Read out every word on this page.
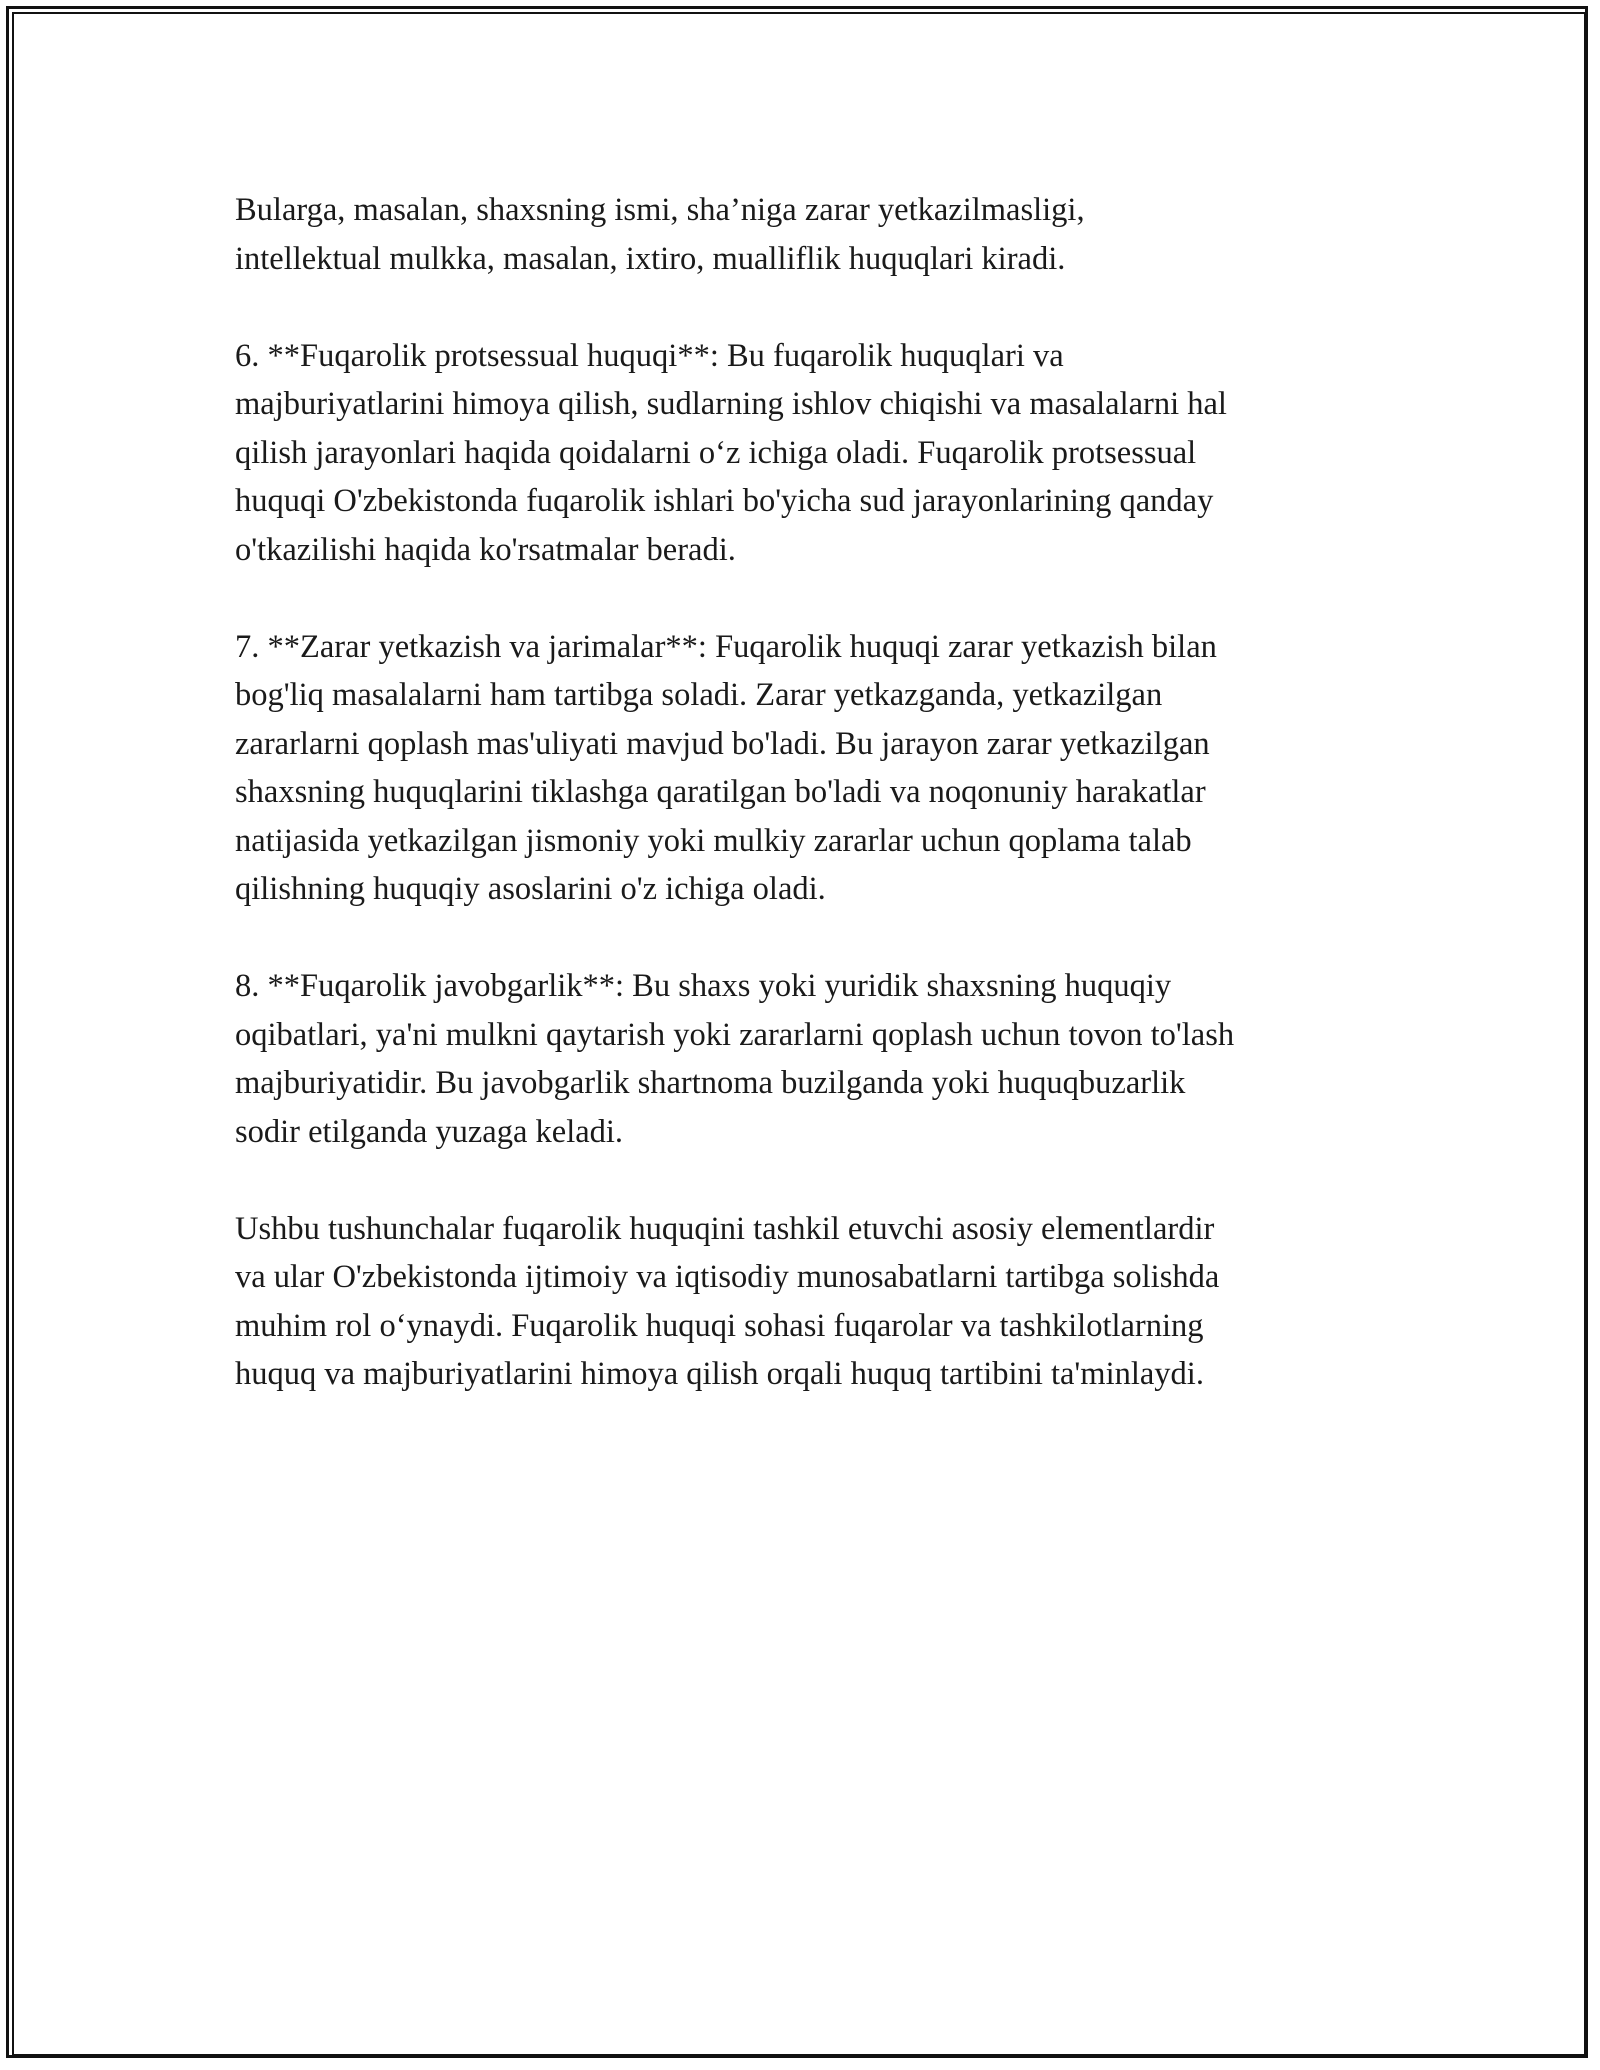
Bularga, masalan, shaxsning ismi, sha’niga zarar yetkazilmasligi,
intellektual mulkka, masalan, ixtiro, mualliflik huquqlari kiradi.

6. **Fuqarolik protsessual huquqi**: Bu fuqarolik huquqlari va
majburiyatlarini himoya qilish, sudlarning ishlov chiqishi va masalalarni hal
qilish jarayonlari haqida qoidalarni o‘z ichiga oladi. Fuqarolik protsessual
huquqi O'zbekistonda fuqarolik ishlari bo'yicha sud jarayonlarining qanday
o'tkazilishi haqida ko'rsatmalar beradi.

7. **Zarar yetkazish va jarimalar**: Fuqarolik huquqi zarar yetkazish bilan
bog'liq masalalarni ham tartibga soladi. Zarar yetkazganda, yetkazilgan
zararlarni qoplash mas'uliyati mavjud bo'ladi. Bu jarayon zarar yetkazilgan
shaxsning huquqlarini tiklashga qaratilgan bo'ladi va noqonuniy harakatlar
natijasida yetkazilgan jismoniy yoki mulkiy zararlar uchun qoplama talab
qilishning huquqiy asoslarini o'z ichiga oladi.

8. **Fuqarolik javobgarlik**: Bu shaxs yoki yuridik shaxsning huquqiy
oqibatlari, ya'ni mulkni qaytarish yoki zararlarni qoplash uchun tovon to'lash
majburiyatidir. Bu javobgarlik shartnoma buzilganda yoki huquqbuzarlik
sodir etilganda yuzaga keladi.

Ushbu tushunchalar fuqarolik huquqini tashkil etuvchi asosiy elementlardir
va ular O'zbekistonda ijtimoiy va iqtisodiy munosabatlarni tartibga solishda
muhim rol o‘ynaydi. Fuqarolik huquqi sohasi fuqarolar va tashkilotlarning
huquq va majburiyatlarini himoya qilish orqali huquq tartibini ta'minlaydi.
